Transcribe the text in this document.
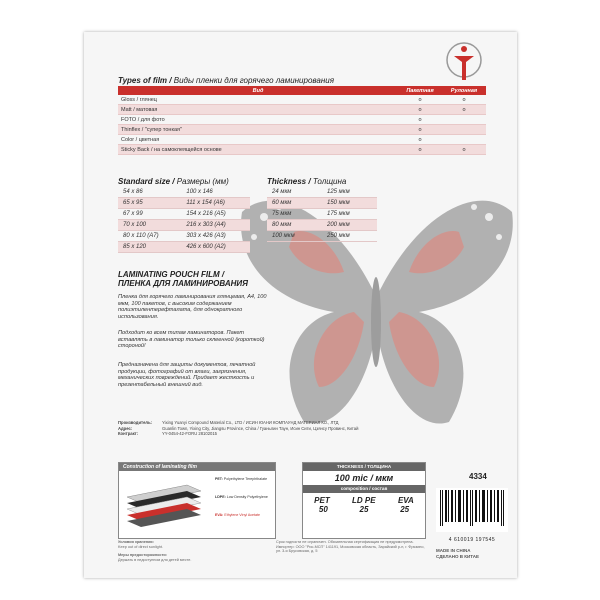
Types of film / Виды пленки для горячего ламинирования
Вид	Пакетная	Рулонная
Gloss / глянец	o	o
Matt / матовая	o	o
FOTO / для фото	o	
Thinflex / "супер тонкая"	o	
Color / цветная	o	
Sticky Back / на самоклеящейся основе	o	o
Standard size / Размеры (мм)
54 x 86	100 x 146
65 x 95	111 x 154 (A6)
67 x 99	154 x 216 (A5)
70 x 100	216 x 303 (A4)
80 x 110 (A7)	303 x 426 (A3)
85 x 120	426 x 600 (A2)
Thickness / Толщина
24 мкм	125 мкм
60 мкм	150 мкм
75 мкм	175 мкм
80 мкм	200 мкм
100 мкм	250 мкм
LAMINATING POUCH FILM /
ПЛЕНКА ДЛЯ ЛАМИНИРОВАНИЯ
Пленка для горячего ламинирования глянцевая, А4, 100 мкм, 100 пакетов, с высоким содержанием полиэтилентерефталата, для однократного использования.
Подходит ко всем типам ламинаторов. Пакет вставлять в ламинатор только склеенной (короткой) стороной!
Предназначена для защиты документов, печатной продукции, фотографий от влаги, загрязнения, механических повреждений. Придает жесткость и презентабельный внешний вид.
Производитель: Yixing Yuanyi Compound Material Co., LTD / ИСИН ЮАНИ КОМПАУНД МАТЕРИАЛ КО., ЛТД
Адрес:	Guanlin Town, Yixing City, Jiangsu Province, China / Гуаньлин Таун, Исин Сити, Цзянсу Провинс, Китай
Контракт:	YY-0454-42-FORU 28102015
Construction of laminating film
PET: Polyethylene Terephthalate
LDPE: Low Density Polyethylene
EVA: Ethylene Vinyl Acetate
THICKNESS / ТОЛЩИНА
100 mic / мкм
composition / состав
PET	LD PE	EVA
50	25	25
4334
4 610019 197545
MADE IN CHINA
СДЕЛАНО В КИТАЕ
Условия хранения:
Keep out of direct sunlight.
Меры предосторожности:
Держать в недоступном для детей месте.
Срок годности не ограничен. Обязательная сертификация не предусмотрена. Импортер: ООО "Рис-МСП" 141191, Московская область, Зарайский р-н, г. Фрязино, ул. 3-я Брусовская, д. 5
